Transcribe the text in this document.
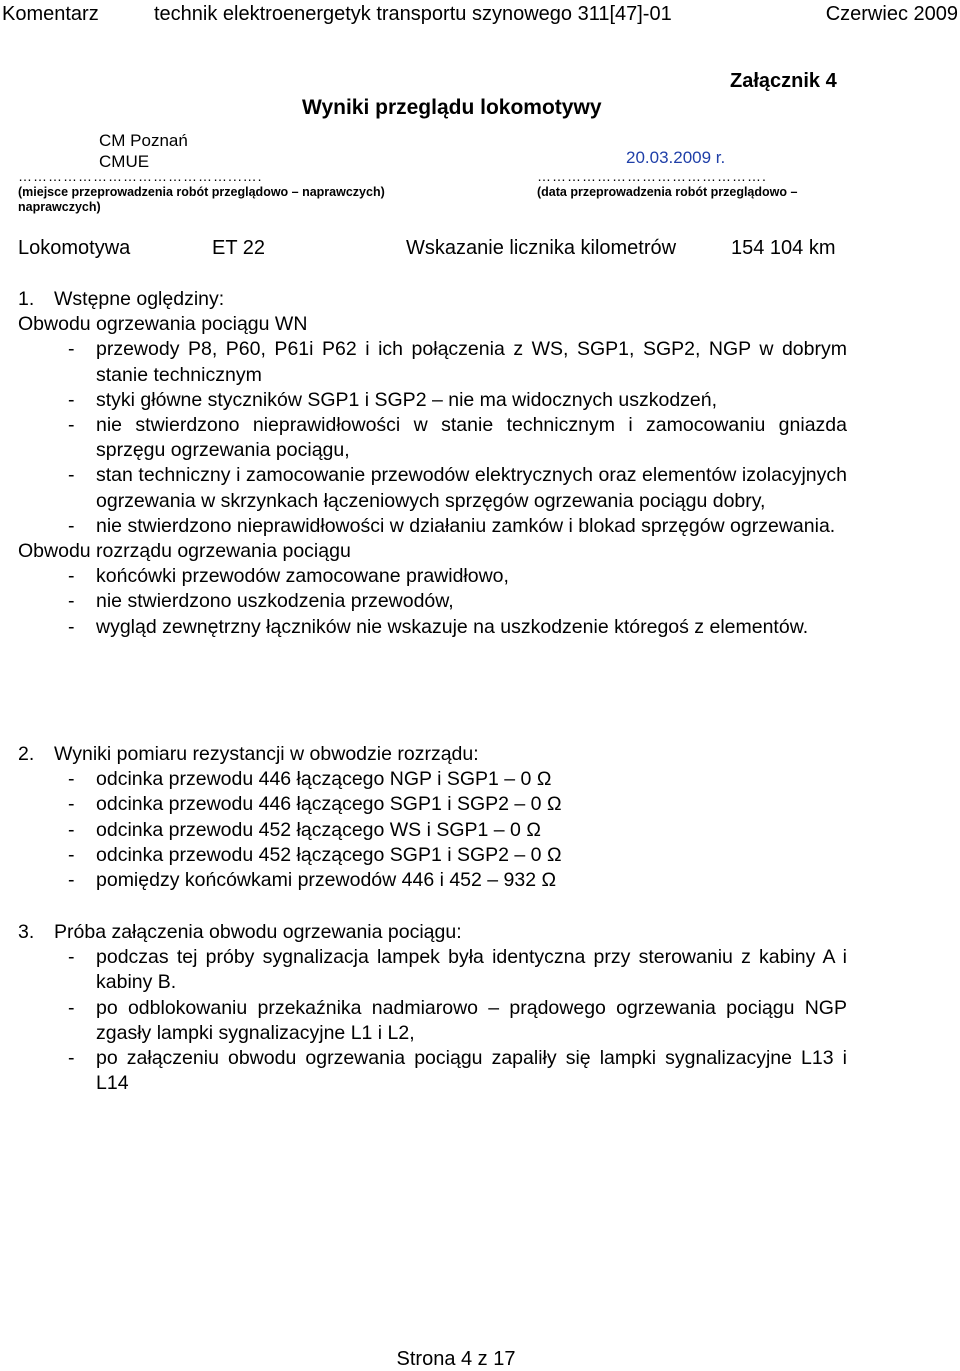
Komentarz	technik elektroenergetyk transportu szynowego 311[47]-01	Czerwiec 2009
Załącznik 4
Wyniki przeglądu lokomotywy
CM Poznań
CMUE	20.03.2009 r.
……………………………………...….	……………………………………….
(miejsce przeprowadzenia robót przeglądowo – naprawczych)
naprawczych)
(data przeprowadzenia robót przeglądowo –
Lokomotywa	ET 22	Wskazanie licznika kilometrów	154 104 km
1.	Wstępne oględziny:
Obwodu ogrzewania pociągu WN
- przewody P8, P60, P61i P62 i ich połączenia z WS, SGP1, SGP2, NGP w dobrym stanie technicznym
- styki główne styczników SGP1 i SGP2 – nie ma widocznych uszkodzeń,
- nie stwierdzono nieprawidłowości w stanie technicznym i zamocowaniu gniazda sprzęgu ogrzewania pociągu,
- stan techniczny i zamocowanie przewodów elektrycznych oraz elementów izolacyjnych ogrzewania w skrzynkach łączeniowych sprzęgów ogrzewania pociągu dobry,
- nie stwierdzono nieprawidłowości w działaniu zamków i blokad sprzęgów ogrzewania.
Obwodu rozrządu ogrzewania pociągu
- końcówki przewodów zamocowane prawidłowo,
- nie stwierdzono uszkodzenia przewodów,
- wygląd zewnętrzny łączników nie wskazuje na uszkodzenie któregoś z elementów.
2.	Wyniki pomiaru rezystancji w obwodzie rozrządu:
- odcinka przewodu 446 łączącego NGP i SGP1 – 0 Ω
- odcinka przewodu 446 łączącego SGP1 i SGP2 – 0 Ω
- odcinka przewodu 452 łączącego WS i SGP1 – 0 Ω
- odcinka przewodu 452 łączącego SGP1 i SGP2 – 0 Ω
- pomiędzy końcówkami przewodów 446 i 452 – 932 Ω
3.	Próba załączenia obwodu ogrzewania pociągu:
- podczas tej próby sygnalizacja lampek była identyczna przy sterowaniu z kabiny A i kabiny B.
- po odblokowaniu przekaźnika nadmiarowo – prądowego ogrzewania pociągu NGP zgasły lampki sygnalizacyjne L1 i L2,
- po załączeniu obwodu ogrzewania pociągu zapaliły się lampki sygnalizacyjne L13 i L14
Strona 4 z 17
